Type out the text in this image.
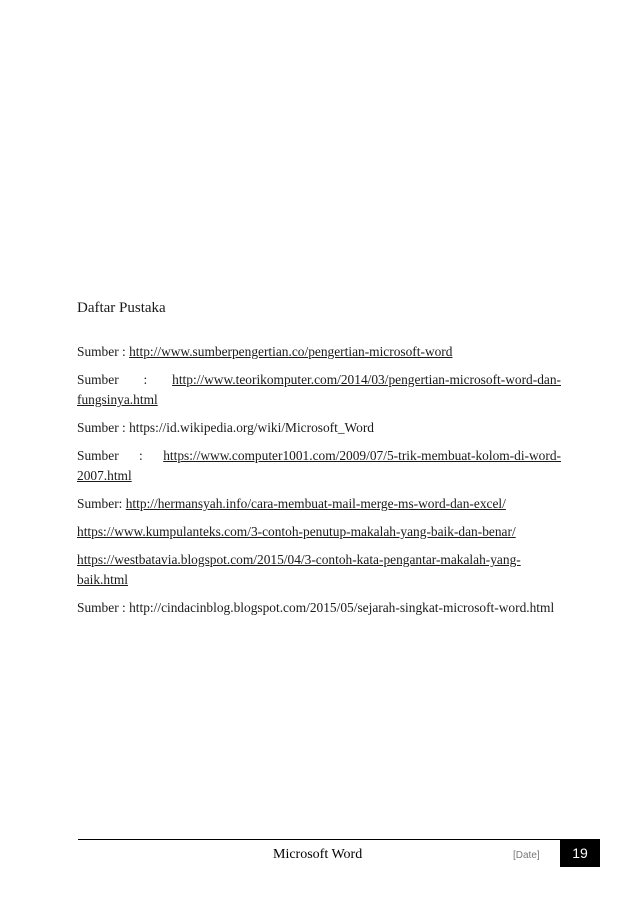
Daftar Pustaka

Sumber : http://www.sumberpengertian.co/pengertian-microsoft-word

Sumber : http://www.teorikomputer.com/2014/03/pengertian-microsoft-word-dan-fungsinya.html

Sumber : https://id.wikipedia.org/wiki/Microsoft_Word

Sumber : https://www.computer1001.com/2009/07/5-trik-membuat-kolom-di-word-2007.html

Sumber: http://hermansyah.info/cara-membuat-mail-merge-ms-word-dan-excel/

https://www.kumpulanteks.com/3-contoh-penutup-makalah-yang-baik-dan-benar/

https://westbatavia.blogspot.com/2015/04/3-contoh-kata-pengantar-makalah-yang-baik.html

Sumber : http://cindacinblog.blogspot.com/2015/05/sejarah-singkat-microsoft-word.html

Microsoft Word	[Date]	19
